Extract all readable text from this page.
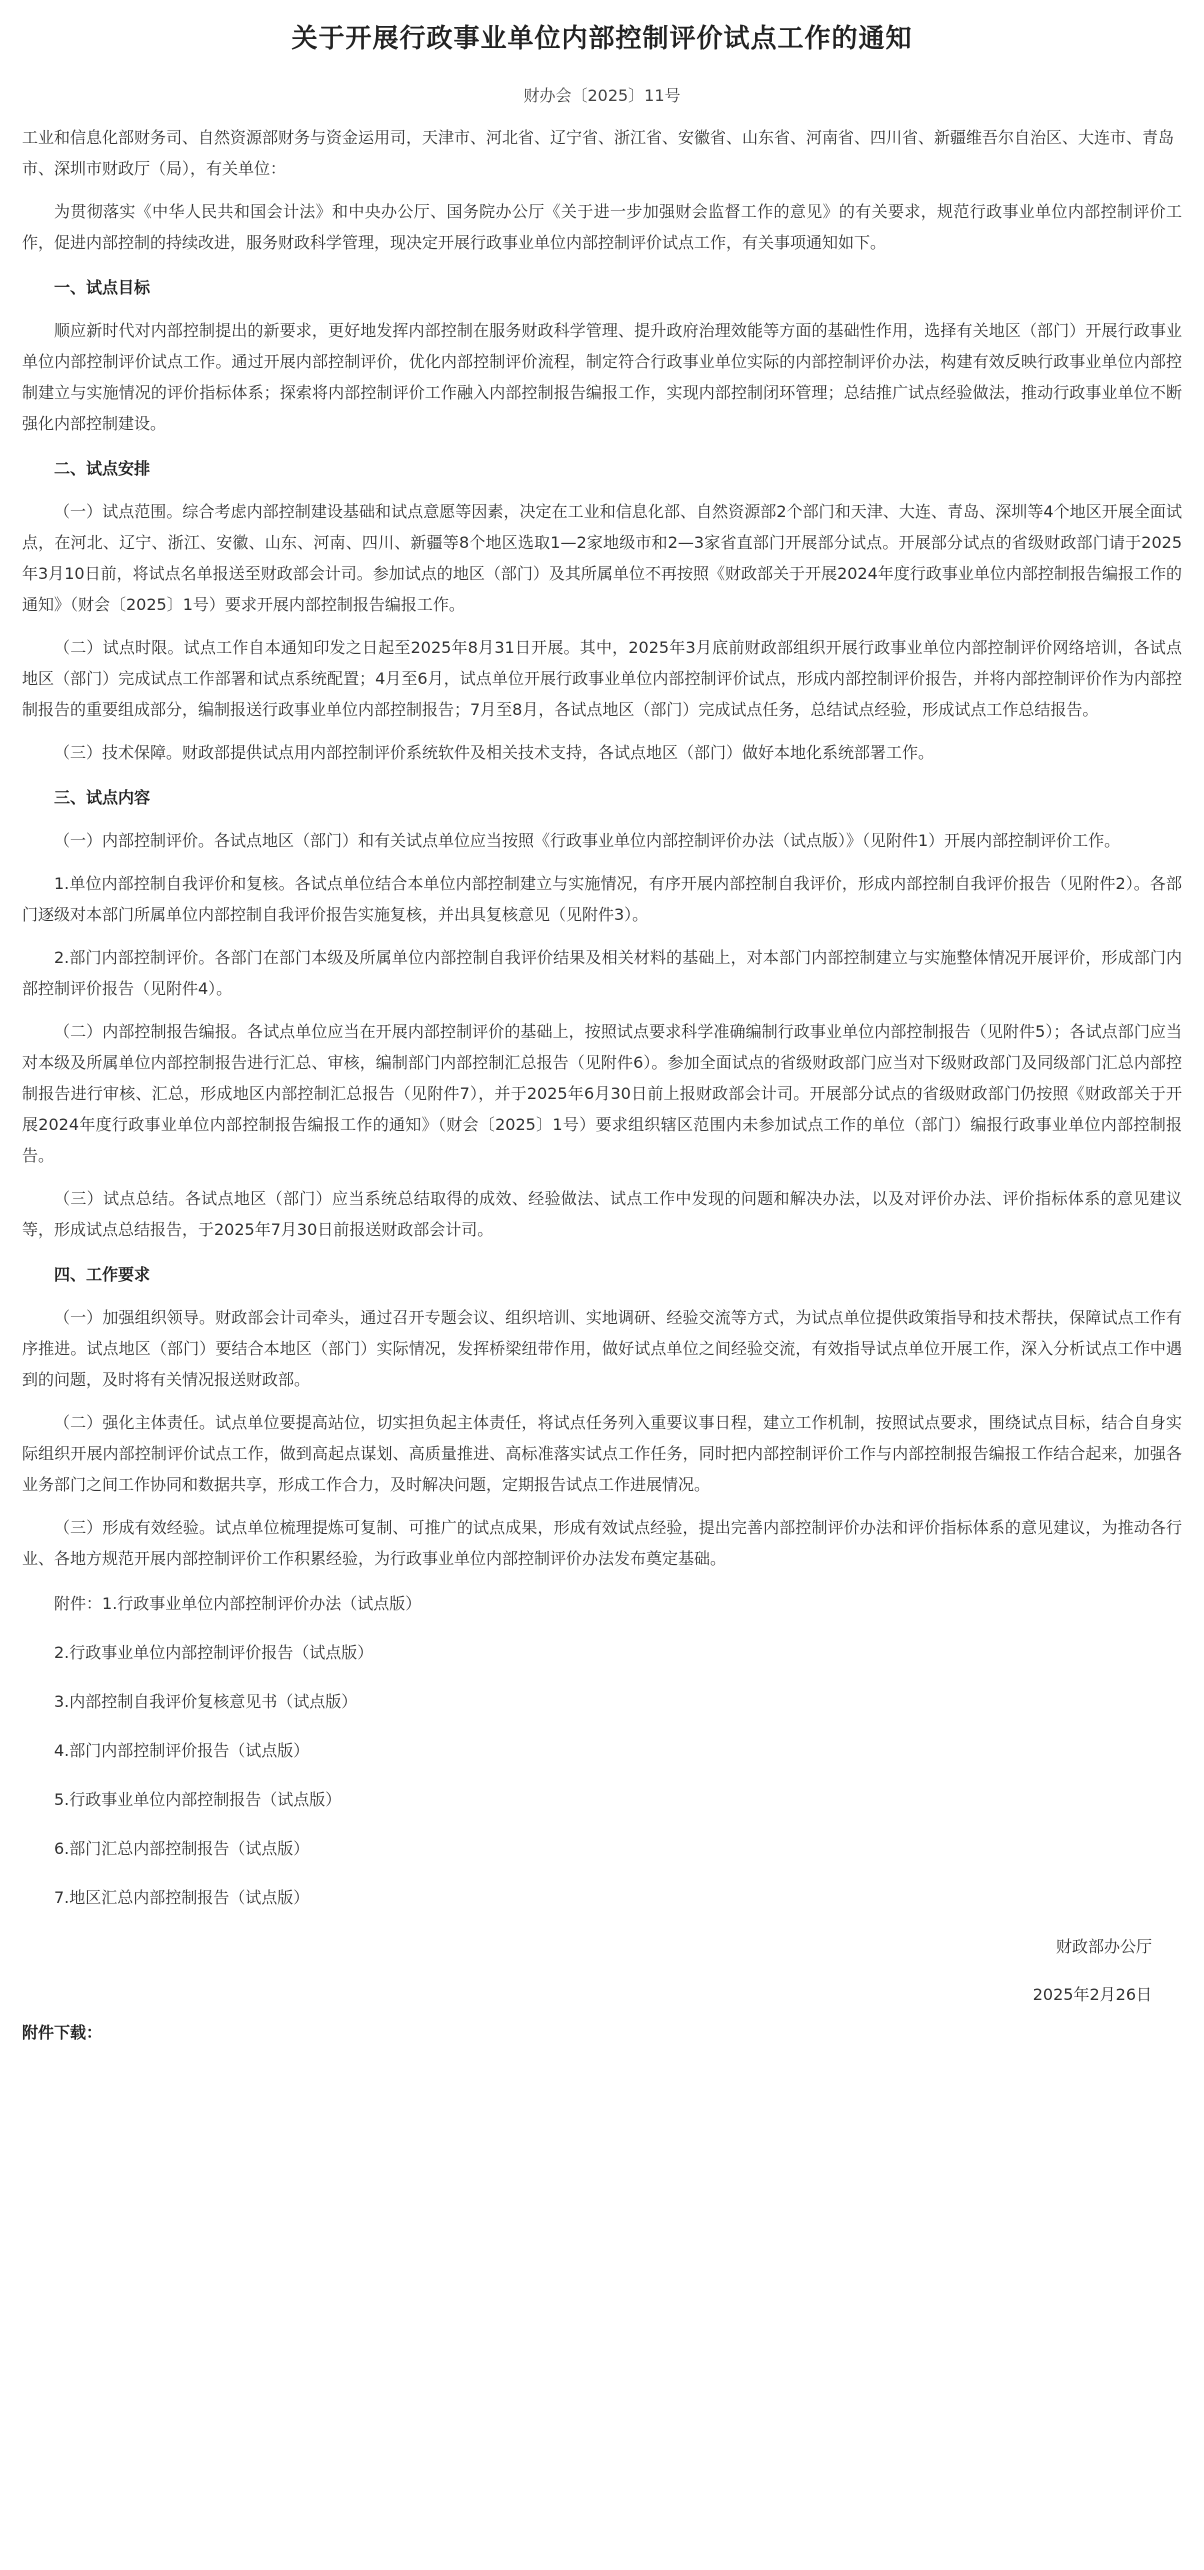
关于开展行政事业单位内部控制评价试点工作的通知
财办会〔2025〕11号
工业和信息化部财务司、自然资源部财务与资金运用司，天津市、河北省、辽宁省、浙江省、安徽省、山东省、河南省、四川省、新疆维吾尔自治区、大连市、青岛市、深圳市财政厅（局），有关单位：

为贯彻落实《中华人民共和国会计法》和中央办公厅、国务院办公厅《关于进一步加强财会监督工作的意见》的有关要求，规范行政事业单位内部控制评价工作，促进内部控制的持续改进，服务财政科学管理，现决定开展行政事业单位内部控制评价试点工作，有关事项通知如下。

一、试点目标

顺应新时代对内部控制提出的新要求，更好地发挥内部控制在服务财政科学管理、提升政府治理效能等方面的基础性作用，选择有关地区（部门）开展行政事业单位内部控制评价试点工作。通过开展内部控制评价，优化内部控制评价流程，制定符合行政事业单位实际的内部控制评价办法，构建有效反映行政事业单位内部控制建立与实施情况的评价指标体系；探索将内部控制评价工作融入内部控制报告编报工作，实现内部控制闭环管理；总结推广试点经验做法，推动行政事业单位不断强化内部控制建设。

二、试点安排

（一）试点范围。综合考虑内部控制建设基础和试点意愿等因素，决定在工业和信息化部、自然资源部2个部门和天津、大连、青岛、深圳等4个地区开展全面试点，在河北、辽宁、浙江、安徽、山东、河南、四川、新疆等8个地区选取1—2家地级市和2—3家省直部门开展部分试点。开展部分试点的省级财政部门请于2025年3月10日前，将试点名单报送至财政部会计司。参加试点的地区（部门）及其所属单位不再按照《财政部关于开展2024年度行政事业单位内部控制报告编报工作的通知》（财会〔2025〕1号）要求开展内部控制报告编报工作。

（二）试点时限。试点工作自本通知印发之日起至2025年8月31日开展。其中，2025年3月底前财政部组织开展行政事业单位内部控制评价网络培训，各试点地区（部门）完成试点工作部署和试点系统配置；4月至6月，试点单位开展行政事业单位内部控制评价试点，形成内部控制评价报告，并将内部控制评价作为内部控制报告的重要组成部分，编制报送行政事业单位内部控制报告；7月至8月，各试点地区（部门）完成试点任务，总结试点经验，形成试点工作总结报告。

（三）技术保障。财政部提供试点用内部控制评价系统软件及相关技术支持，各试点地区（部门）做好本地化系统部署工作。

三、试点内容

（一）内部控制评价。各试点地区（部门）和有关试点单位应当按照《行政事业单位内部控制评价办法（试点版）》（见附件1）开展内部控制评价工作。

1.单位内部控制自我评价和复核。各试点单位结合本单位内部控制建立与实施情况，有序开展内部控制自我评价，形成内部控制自我评价报告（见附件2）。各部门逐级对本部门所属单位内部控制自我评价报告实施复核，并出具复核意见（见附件3）。

2.部门内部控制评价。各部门在部门本级及所属单位内部控制自我评价结果及相关材料的基础上，对本部门内部控制建立与实施整体情况开展评价，形成部门内部控制评价报告（见附件4）。

（二）内部控制报告编报。各试点单位应当在开展内部控制评价的基础上，按照试点要求科学准确编制行政事业单位内部控制报告（见附件5）；各试点部门应当对本级及所属单位内部控制报告进行汇总、审核，编制部门内部控制汇总报告（见附件6）。参加全面试点的省级财政部门应当对下级财政部门及同级部门汇总内部控制报告进行审核、汇总，形成地区内部控制汇总报告（见附件7），并于2025年6月30日前上报财政部会计司。开展部分试点的省级财政部门仍按照《财政部关于开展2024年度行政事业单位内部控制报告编报工作的通知》（财会〔2025〕1号）要求组织辖区范围内未参加试点工作的单位（部门）编报行政事业单位内部控制报告。

（三）试点总结。各试点地区（部门）应当系统总结取得的成效、经验做法、试点工作中发现的问题和解决办法，以及对评价办法、评价指标体系的意见建议等，形成试点总结报告，于2025年7月30日前报送财政部会计司。

四、工作要求

（一）加强组织领导。财政部会计司牵头，通过召开专题会议、组织培训、实地调研、经验交流等方式，为试点单位提供政策指导和技术帮扶，保障试点工作有序推进。试点地区（部门）要结合本地区（部门）实际情况，发挥桥梁纽带作用，做好试点单位之间经验交流，有效指导试点单位开展工作，深入分析试点工作中遇到的问题，及时将有关情况报送财政部。

（二）强化主体责任。试点单位要提高站位，切实担负起主体责任，将试点任务列入重要议事日程，建立工作机制，按照试点要求，围绕试点目标，结合自身实际组织开展内部控制评价试点工作，做到高起点谋划、高质量推进、高标准落实试点工作任务，同时把内部控制评价工作与内部控制报告编报工作结合起来，加强各业务部门之间工作协同和数据共享，形成工作合力，及时解决问题，定期报告试点工作进展情况。

（三）形成有效经验。试点单位梳理提炼可复制、可推广的试点成果，形成有效试点经验，提出完善内部控制评价办法和评价指标体系的意见建议，为推动各行业、各地方规范开展内部控制评价工作积累经验，为行政事业单位内部控制评价办法发布奠定基础。

附件：1.行政事业单位内部控制评价办法（试点版）
2.行政事业单位内部控制评价报告（试点版）
3.内部控制自我评价复核意见书（试点版）
4.部门内部控制评价报告（试点版）
5.行政事业单位内部控制报告（试点版）
6.部门汇总内部控制报告（试点版）
7.地区汇总内部控制报告（试点版）
财政部办公厅
2025年2月26日
附件下载：
